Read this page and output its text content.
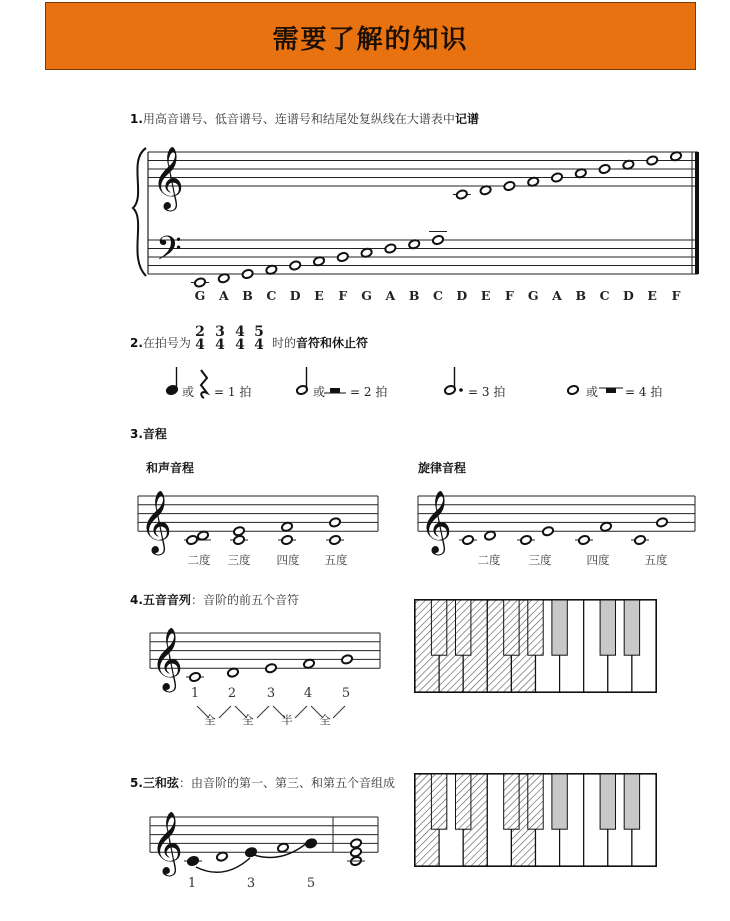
需要了解的知识
1.用高音谱号、低音谱号、连谱号和结尾处复纵线在大谱表中记谱
G	A	B	C	D	E	F	G	A	B	C	D	E	F	G	A	B	C	D	E	F
2.在拍号为
2
4
3
4
4
4
5
4 时的音符和休止符
或 = 1 拍	或 = 2 拍	= 3 拍	或 = 4 拍
3.音程
和声音程	旋律音程
二度	三度	四度	五度	二度	三度	四度	五度
4.五音音列：音阶的前五个音符
1 2 3 4 5
全 全 半 全
5.三和弦：由音阶的第一、第三、和第五个音组成
1	3	5
𝄞
𝄢
𝄞	𝄞
𝄞
𝄞
